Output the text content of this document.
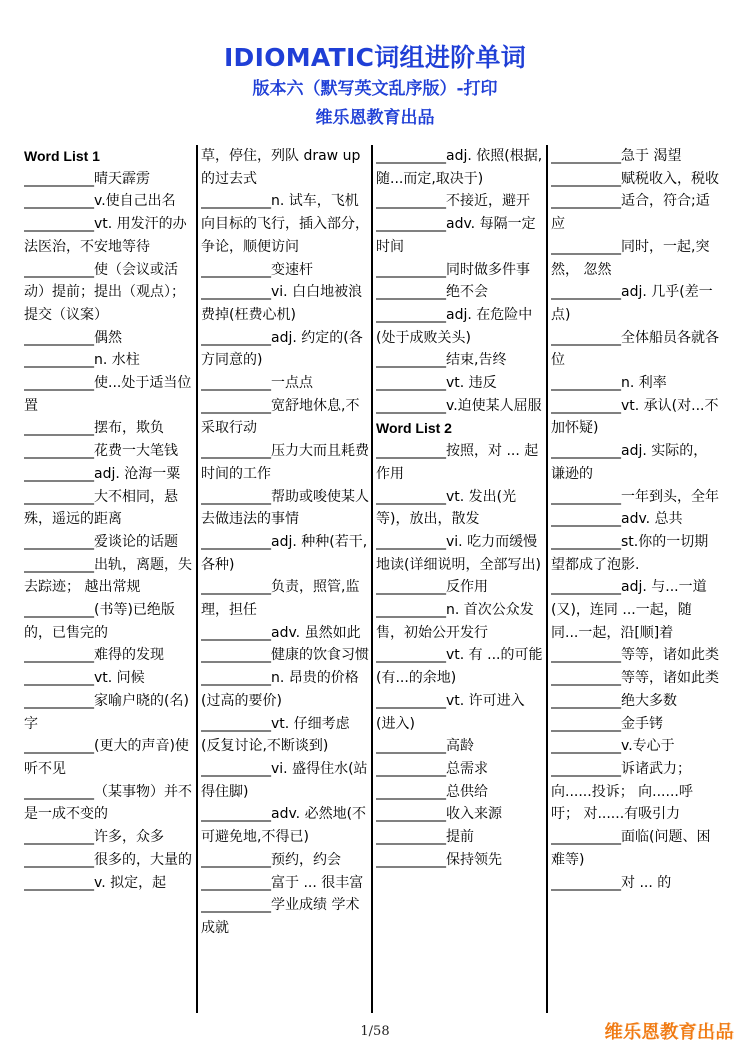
IDIOMATIC词组进阶单词
版本六（默写英文乱序版）-打印
维乐恩教育出品
Word List 1
__________晴天霹雳
__________v.使自己出名
__________vt. 用发汗的办法医治，不安地等待
__________使（会议或活动）提前；提出（观点）；提交（议案）
__________偶然
__________n. 水柱
__________使...处于适当位置
__________摆布，欺负
__________花费一大笔钱
__________adj. 沧海一粟
__________大不相同，悬殊，遥远的距离
__________爱谈论的话题
__________出轨，离题，失去踪迹； 越出常规
__________(书等)已绝版的，已售完的
__________难得的发现
__________vt. 问候
__________家喻户晓的(名)字
__________(更大的声音)使听不见
__________（某事物）并不是一成不变的
__________许多，众多
__________很多的，大量的
__________v. 拟定，起
草，停住，列队 draw up的过去式
__________n. 试车，飞机向目标的飞行，插入部分，争论，顺便访问
__________变速杆
__________vi. 白白地被浪费掉(枉费心机)
__________adj. 约定的(各方同意的)
__________一点点
__________宽舒地休息,不采取行动
__________压力大而且耗费时间的工作
__________帮助或唆使某人去做违法的事情
__________adj. 种种(若干,各种)
__________负责，照管,监理，担任
__________adv. 虽然如此
__________健康的饮食习惯
__________n. 昂贵的价格(过高的要价)
__________vt. 仔细考虑(反复讨论,不断谈到)
__________vi. 盛得住水(站得住脚)
__________adv. 必然地(不可避免地,不得已)
__________预约，约会
__________富于 ... 很丰富
__________学业成绩 学术成就
__________adj. 依照(根据,随...而定,取决于)
__________不接近，避开
__________adv. 每隔一定时间
__________同时做多件事
__________绝不会
__________adj. 在危险中(处于成败关头)
__________结束,告终
__________vt. 违反
__________v.迫使某人屈服
Word List 2
__________按照，对 ... 起作用
__________vt. 发出(光等)，放出，散发
__________vi. 吃力而缓慢地读(详细说明，全部写出)
__________反作用
__________n. 首次公众发售，初始公开发行
__________vt. 有 ...的可能(有...的余地)
__________vt. 许可进入(进入)
__________高龄
__________总需求
__________总供给
__________收入来源
__________提前
__________保持领先
__________急于 渴望
__________赋税收入，税收
__________适合，符合;适应
__________同时，一起,突然， 忽然
__________adj. 几乎(差一点)
__________全体船员各就各位
__________n. 利率
__________vt. 承认(对...不加怀疑)
__________adj. 实际的，谦逊的
__________一年到头，全年
__________adv. 总共
__________st.你的一切期望都成了泡影.
__________adj. 与...一道(又)，连同 ...一起，随同...一起，沿[顺]着
__________等等，诸如此类
__________等等，诸如此类
__________绝大多数
__________金手铐
__________v.专心于
__________诉诸武力；向......投诉； 向......呼吁； 对......有吸引力
__________面临(问题、困难等)
__________对 ... 的
1/58	维乐恩教育出品
